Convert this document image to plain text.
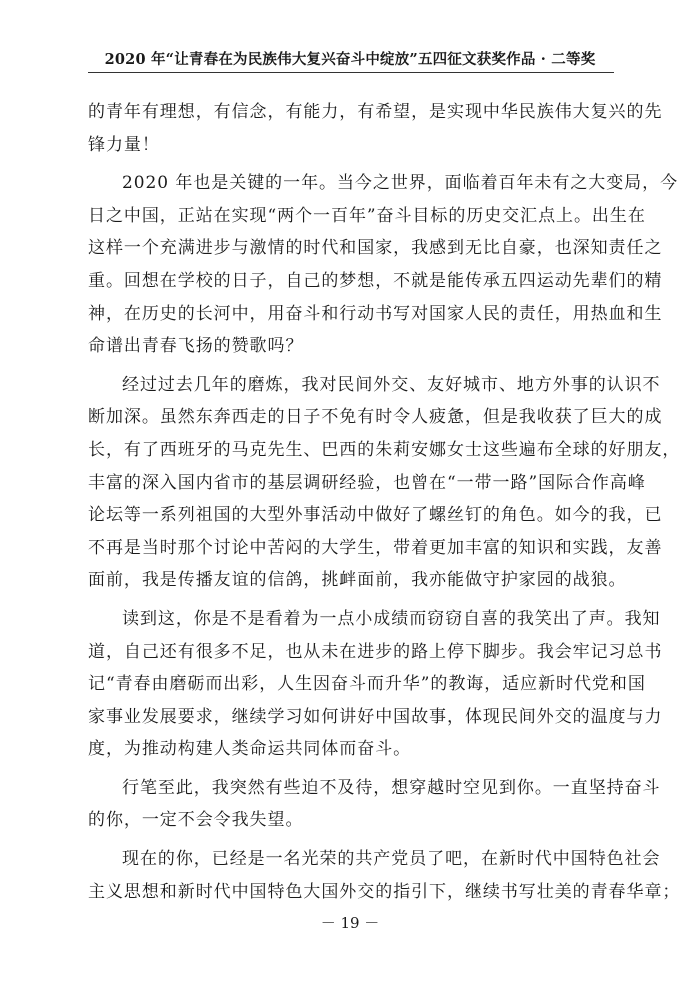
2020 年“让青春在为民族伟大复兴奋斗中绽放”五四征文获奖作品 · 二等奖
的青年有理想，有信念，有能力，有希望，是实现中华民族伟大复兴的先
锋力量！
2020 年也是关键的一年。当今之世界，面临着百年未有之大变局，今
日之中国，正站在实现“两个一百年”奋斗目标的历史交汇点上。出生在
这样一个充满进步与激情的时代和国家，我感到无比自豪，也深知责任之
重。回想在学校的日子，自己的梦想，不就是能传承五四运动先辈们的精
神，在历史的长河中，用奋斗和行动书写对国家人民的责任，用热血和生
命谱出青春飞扬的赞歌吗？
经过过去几年的磨炼，我对民间外交、友好城市、地方外事的认识不
断加深。虽然东奔西走的日子不免有时令人疲惫，但是我收获了巨大的成
长，有了西班牙的马克先生、巴西的朱莉安娜女士这些遍布全球的好朋友，
丰富的深入国内省市的基层调研经验，也曾在“一带一路”国际合作高峰
论坛等一系列祖国的大型外事活动中做好了螺丝钉的角色。如今的我，已
不再是当时那个讨论中苦闷的大学生，带着更加丰富的知识和实践，友善
面前，我是传播友谊的信鸽，挑衅面前，我亦能做守护家园的战狼。
读到这，你是不是看着为一点小成绩而窃窃自喜的我笑出了声。我知
道，自己还有很多不足，也从未在进步的路上停下脚步。我会牢记习总书
记“青春由磨砺而出彩，人生因奋斗而升华”的教诲，适应新时代党和国
家事业发展要求，继续学习如何讲好中国故事，体现民间外交的温度与力
度，为推动构建人类命运共同体而奋斗。
行笔至此，我突然有些迫不及待，想穿越时空见到你。一直坚持奋斗
的你，一定不会令我失望。
现在的你，已经是一名光荣的共产党员了吧，在新时代中国特色社会
主义思想和新时代中国特色大国外交的指引下，继续书写壮美的青春华章；
－ 19 －
